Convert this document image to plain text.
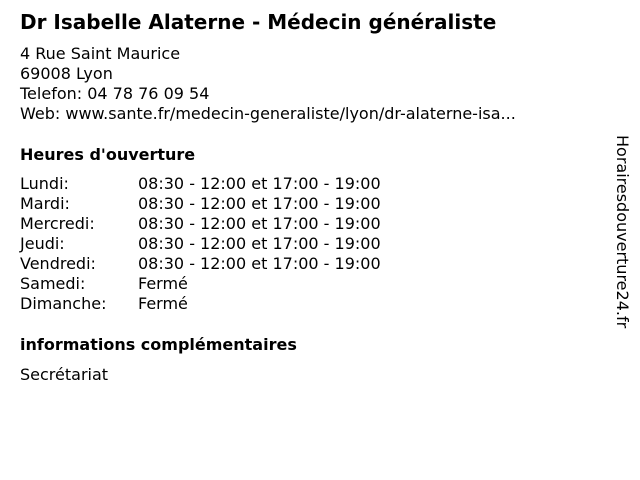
Dr Isabelle Alaterne - Médecin généraliste
4 Rue Saint Maurice
69008 Lyon
Telefon: 04 78 76 09 54
Web: www.sante.fr/medecin-generaliste/lyon/dr-alaterne-isa...
Heures d'ouverture
Lundi:	08:30 - 12:00 et 17:00 - 19:00
Mardi:	08:30 - 12:00 et 17:00 - 19:00
Mercredi:	08:30 - 12:00 et 17:00 - 19:00
Jeudi:	08:30 - 12:00 et 17:00 - 19:00
Vendredi:	08:30 - 12:00 et 17:00 - 19:00
Samedi:	Fermé
Dimanche: Fermé
informations complémentaires
Secrétariat
Horairesdouverture24.fr
